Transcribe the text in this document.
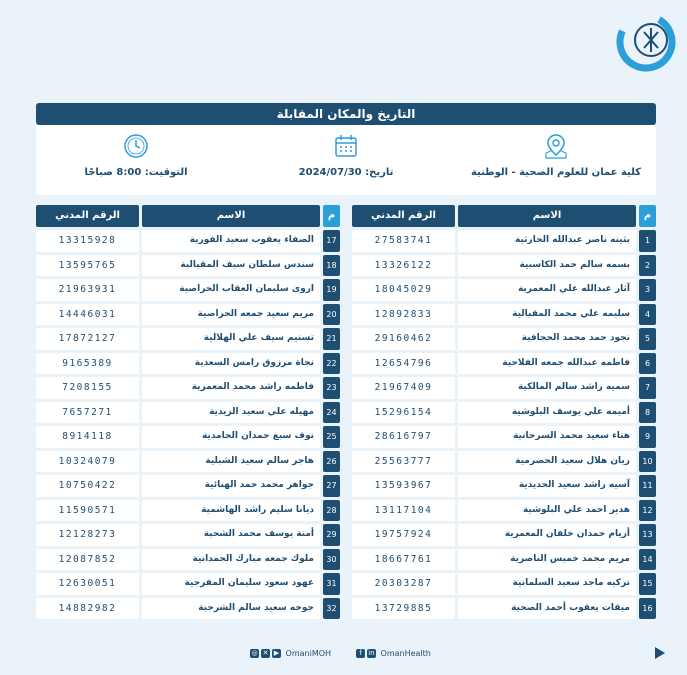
التاريخ والمكان المقابلة
كلية عمان للعلوم الصحية - الوطنية
تاريخ: 2024/07/30
التوقيت: 8:00 صباحًا
م
الاسم
الرقم المدني
1
بثينه ناصر عبدالله الحارثية
27583741
2
بسمه سالم حمد الكاسبية
13326122
3
آثار عبدالله علي المعمرية
18045029
4
سليمه علي محمد المقبالية
12892833
5
نجود حمد محمد الحجافية
29160462
6
فاطمه عبدالله جمعه الفلاحية
12654796
7
سميه راشد سالم المالكية
21967409
8
أميمه علي يوسف البلوشية
15296154
9
هناء سعيد محمد السرحانية
28616797
10
ريان هلال سعيد الحضرمية
25563777
11
آسيه راشد سعيد الحديدية
13593967
12
هدير احمد علي البلوشية
13117104
13
أريام حمدان خلفان المعمرية
19757924
14
مريم محمد خميس الناصرية
18667761
15
تركيه ماجد سعيد السلمانية
20303287
16
ميقات يعقوب أحمد الصحية
13729885
م
الاسم
الرقم المدني
17
الصفاء يعقوب سعيد الفورية
13315928
18
سندس سلطان سيف المقبالية
13595765
19
اروى سليمان العقاب الحراصية
21963931
20
مريم سعيد جمعه الحراصية
14446031
21
تسنيم سيف علي الهلالية
17872127
22
نجاة مرزوق رامس السعدية
9165389
23
فاطمه راشد محمد المعمرية
7208155
24
مهيله علي سعيد الزيدية
7657271
25
نوف سبع حمدان الحامدية
8914118
26
هاجر سالم سعيد الشبلية
10324079
27
جواهر محمد حمد الهنائية
10750422
28
ديانا سليم راشد الهاشمية
11590571
29
أمنة يوسف محمد الشحية
12128273
30
ملوك جمعه مبارك الحمدانية
12087852
31
عهود سعود سليمان المفرجية
12630051
32
جوخه سعيد سالم الشرجية
14882982
◎ ✕ ▶ OmaniMOH	f in OmanHealth
